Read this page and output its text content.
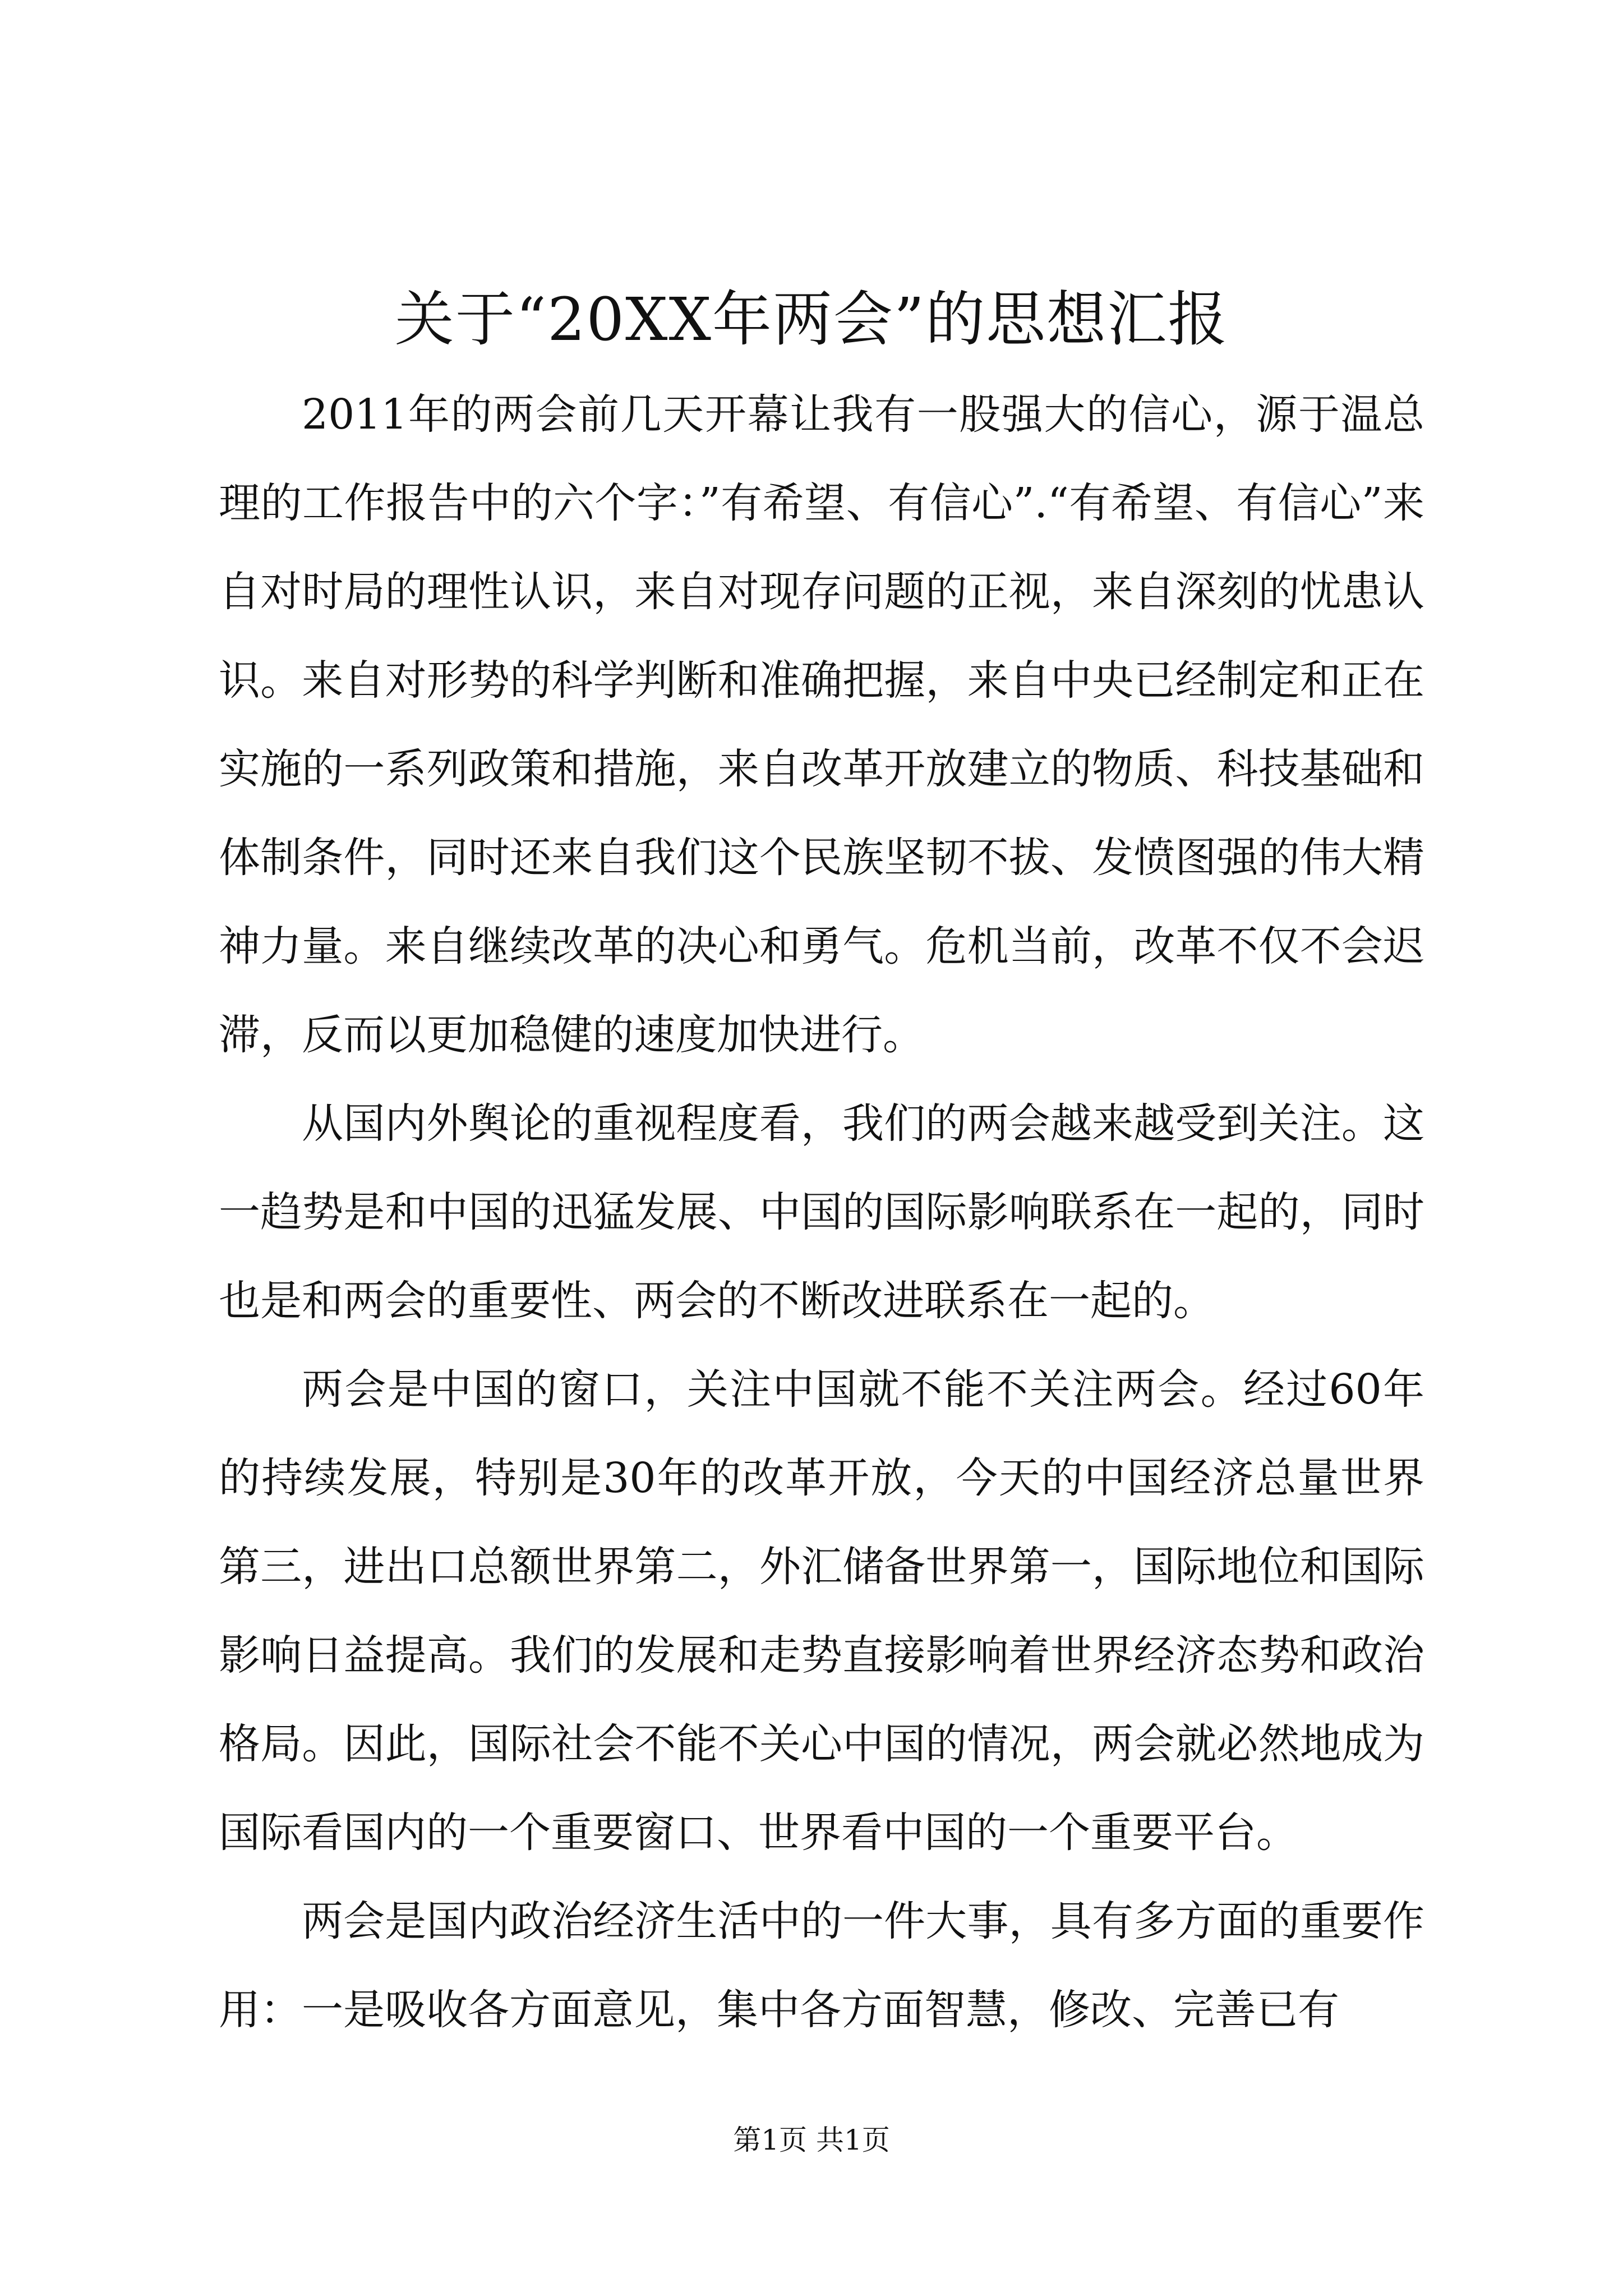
关于“20XX年两会”的思想汇报

2011年的两会前几天开幕让我有一股强大的信心，源于温总理的工作报告中的六个字：”有希望、有信心”.“有希望、有信心”来自对时局的理性认识，来自对现存问题的正视，来自深刻的忧患认识。来自对形势的科学判断和准确把握，来自中央已经制定和正在实施的一系列政策和措施，来自改革开放建立的物质、科技基础和体制条件，同时还来自我们这个民族坚韧不拔、发愤图强的伟大精神力量。来自继续改革的决心和勇气。危机当前，改革不仅不会迟滞，反而以更加稳健的速度加快进行。

从国内外舆论的重视程度看，我们的两会越来越受到关注。这一趋势是和中国的迅猛发展、中国的国际影响联系在一起的，同时也是和两会的重要性、两会的不断改进联系在一起的。

两会是中国的窗口，关注中国就不能不关注两会。经过60年的持续发展，特别是30年的改革开放，今天的中国经济总量世界第三，进出口总额世界第二，外汇储备世界第一，国际地位和国际影响日益提高。我们的发展和走势直接影响着世界经济态势和政治格局。因此，国际社会不能不关心中国的情况，两会就必然地成为国际看国内的一个重要窗口、世界看中国的一个重要平台。

两会是国内政治经济生活中的一件大事，具有多方面的重要作用：一是吸收各方面意见，集中各方面智慧，修改、完善已有

第1页 共1页
